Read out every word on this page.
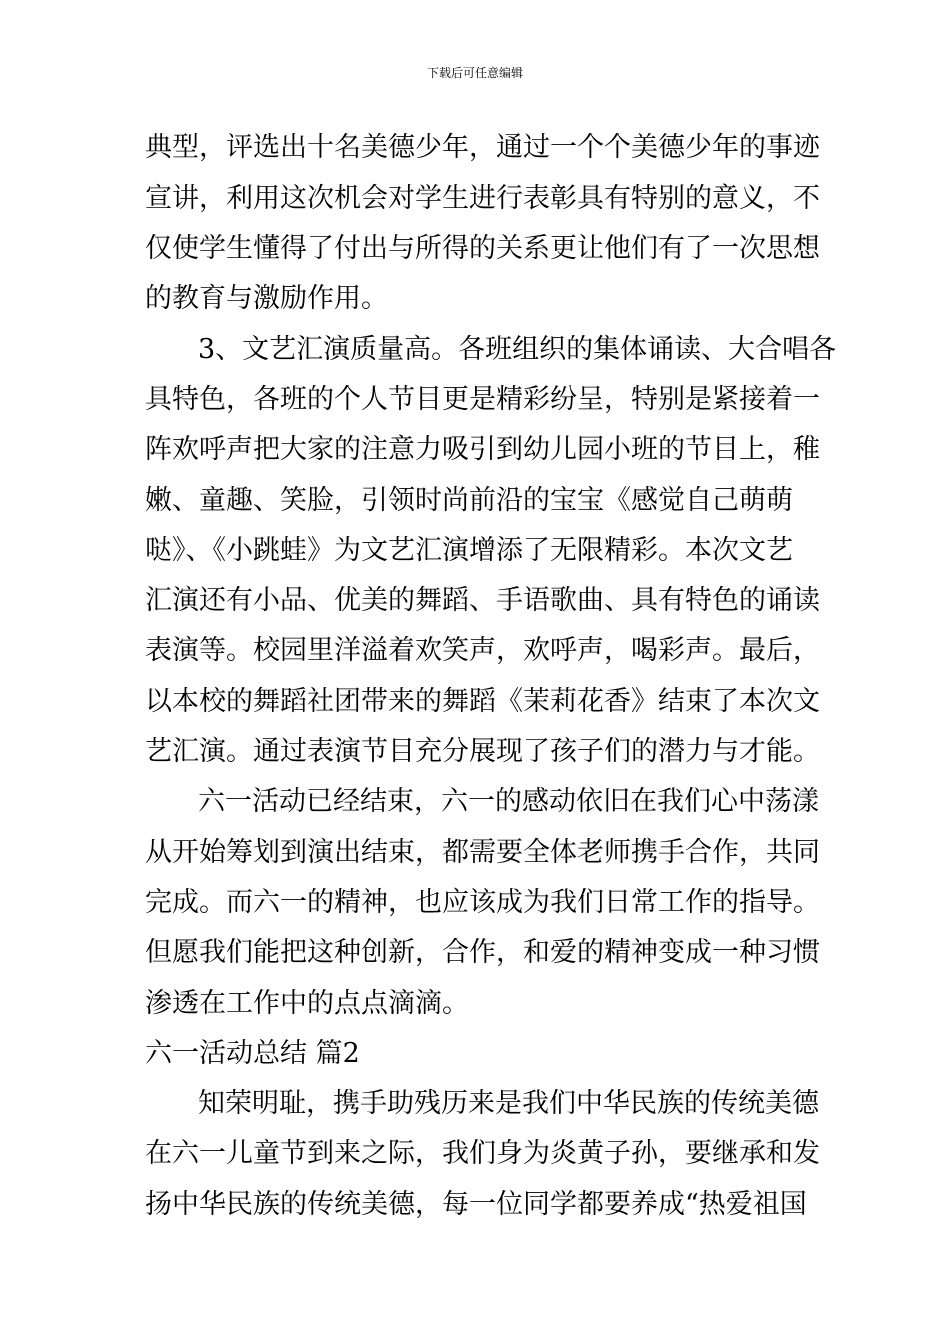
下载后可任意编辑
典型，评选出十名美德少年，通过一个个美德少年的事迹
宣讲，利用这次机会对学生进行表彰具有特别的意义，不
仅使学生懂得了付出与所得的关系更让他们有了一次思想
的教育与激励作用。
3、文艺汇演质量高。各班组织的集体诵读、大合唱各
具特色，各班的个人节目更是精彩纷呈，特别是紧接着一
阵欢呼声把大家的注意力吸引到幼儿园小班的节目上，稚
嫩、童趣、笑脸，引领时尚前沿的宝宝《感觉自己萌萌
哒》、《小跳蛙》为文艺汇演增添了无限精彩。本次文艺
汇演还有小品、优美的舞蹈、手语歌曲、具有特色的诵读
表演等。校园里洋溢着欢笑声，欢呼声，喝彩声。最后，
以本校的舞蹈社团带来的舞蹈《茉莉花香》结束了本次文
艺汇演。通过表演节目充分展现了孩子们的潜力与才能。
六一活动已经结束，六一的感动依旧在我们心中荡漾
从开始筹划到演出结束，都需要全体老师携手合作，共同
完成。而六一的精神，也应该成为我们日常工作的指导。
但愿我们能把这种创新，合作，和爱的精神变成一种习惯
渗透在工作中的点点滴滴。
六一活动总结 篇2
知荣明耻，携手助残历来是我们中华民族的传统美德
在六一儿童节到来之际，我们身为炎黄子孙，要继承和发
扬中华民族的传统美德，每一位同学都要养成“热爱祖国
